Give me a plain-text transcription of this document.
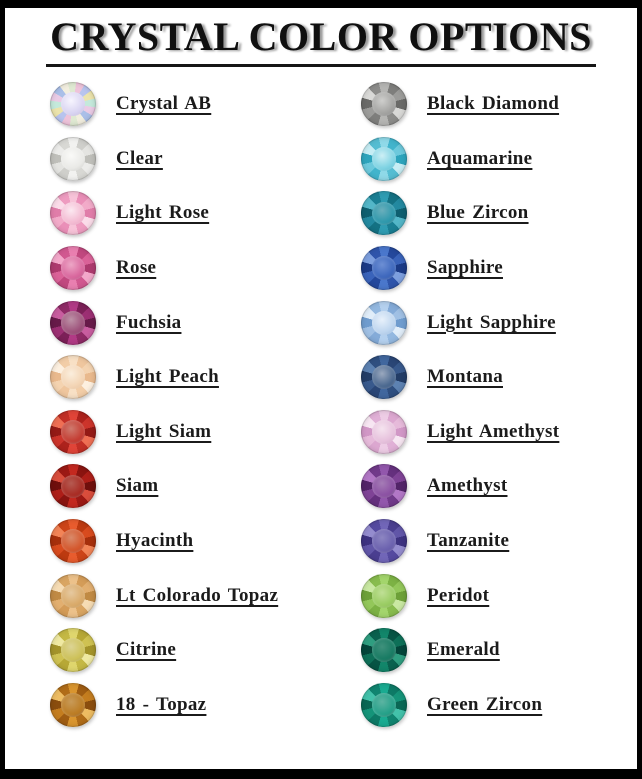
CRYSTAL COLOR OPTIONS
Crystal AB
Clear
Light Rose
Rose
Fuchsia
Light Peach
Light Siam
Siam
Hyacinth
Lt Colorado Topaz
Citrine
18 - Topaz
Black Diamond
Aquamarine
Blue Zircon
Sapphire
Light Sapphire
Montana
Light Amethyst
Amethyst
Tanzanite
Peridot
Emerald
Green Zircon
